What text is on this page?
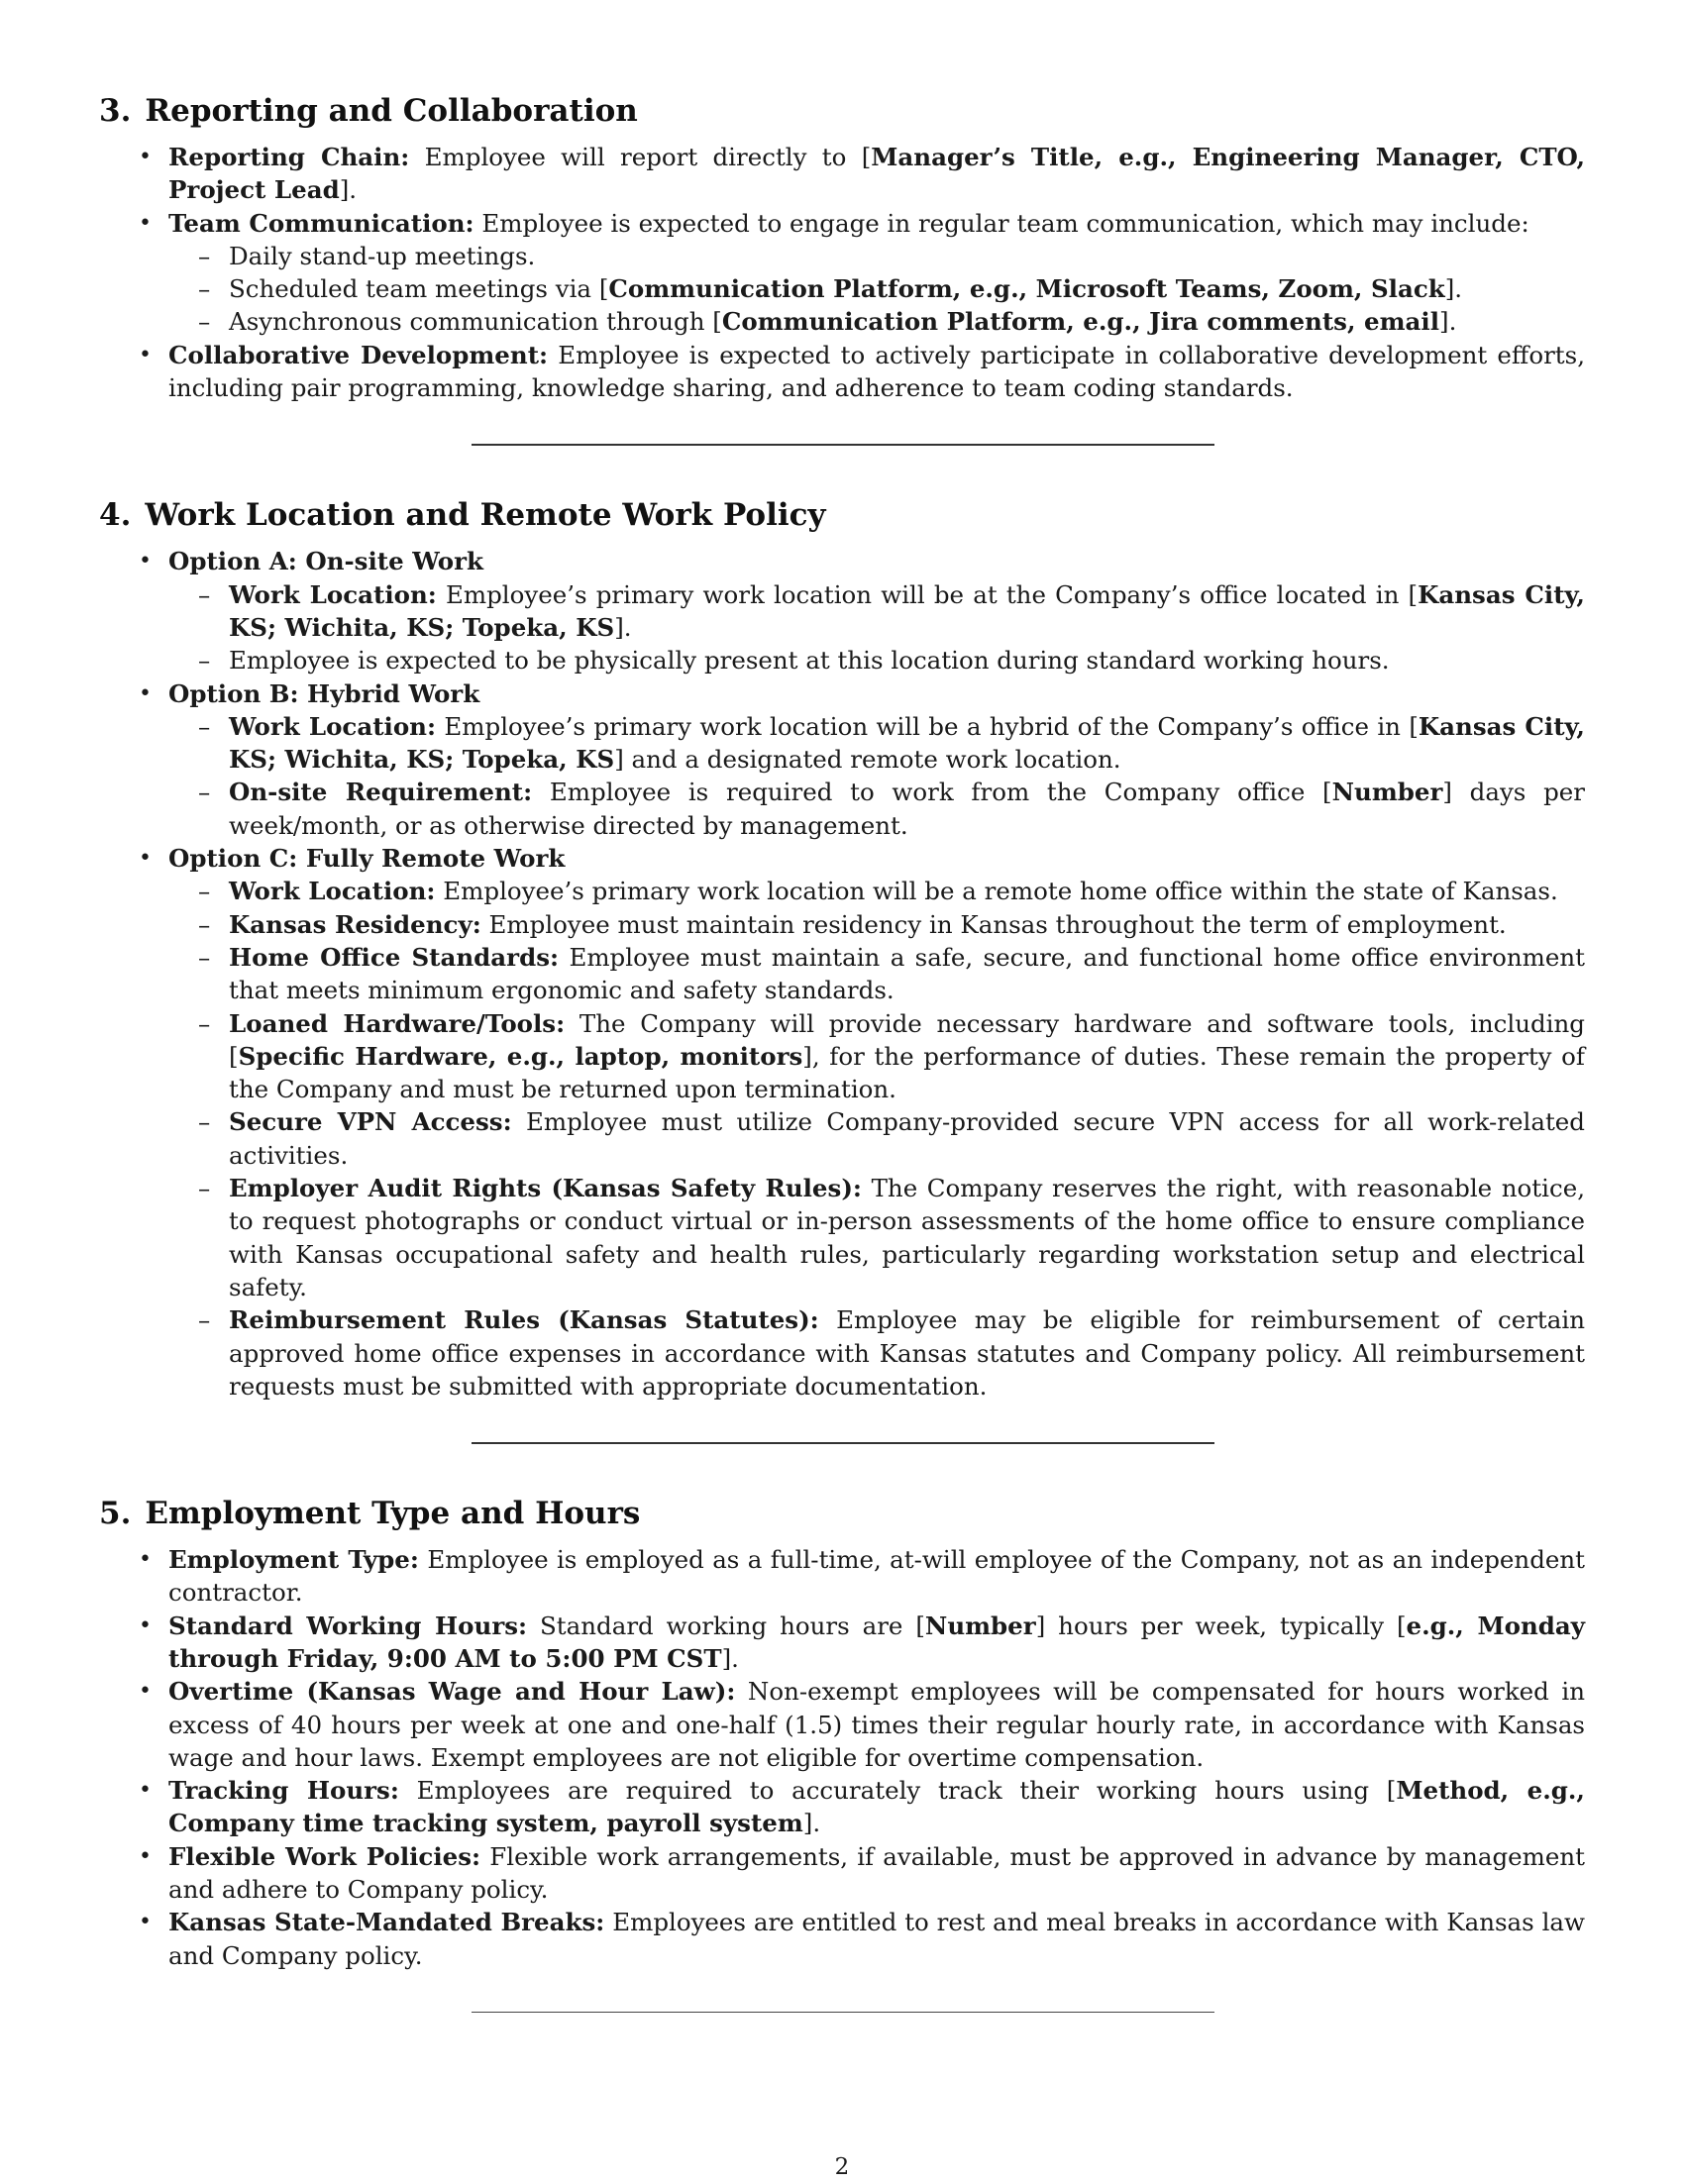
3. Reporting and Collaboration
• Reporting Chain: Employee will report directly to [Manager’s Title, e.g., Engineering Manager, CTO, Project Lead].
• Team Communication: Employee is expected to engage in regular team communication, which may include:
– Daily stand-up meetings.
– Scheduled team meetings via [Communication Platform, e.g., Microsoft Teams, Zoom, Slack].
– Asynchronous communication through [Communication Platform, e.g., Jira comments, email].
• Collaborative Development: Employee is expected to actively participate in collaborative development efforts, including pair programming, knowledge sharing, and adherence to team coding standards.
4. Work Location and Remote Work Policy
• Option A: On-site Work
– Work Location: Employee’s primary work location will be at the Company’s office located in [Kansas City, KS; Wichita, KS; Topeka, KS].
– Employee is expected to be physically present at this location during standard working hours.
• Option B: Hybrid Work
– Work Location: Employee’s primary work location will be a hybrid of the Company’s office in [Kansas City, KS; Wichita, KS; Topeka, KS] and a designated remote work location.
– On-site Requirement: Employee is required to work from the Company office [Number] days per week/month, or as otherwise directed by management.
• Option C: Fully Remote Work
– Work Location: Employee’s primary work location will be a remote home office within the state of Kansas.
– Kansas Residency: Employee must maintain residency in Kansas throughout the term of employment.
– Home Office Standards: Employee must maintain a safe, secure, and functional home office environment that meets minimum ergonomic and safety standards.
– Loaned Hardware/Tools: The Company will provide necessary hardware and software tools, including [Specific Hardware, e.g., laptop, monitors], for the performance of duties. These remain the property of the Company and must be returned upon termination.
– Secure VPN Access: Employee must utilize Company-provided secure VPN access for all work-related activities.
– Employer Audit Rights (Kansas Safety Rules): The Company reserves the right, with reasonable notice, to request photographs or conduct virtual or in-person assessments of the home office to ensure compliance with Kansas occupational safety and health rules, particularly regarding workstation setup and electrical safety.
– Reimbursement Rules (Kansas Statutes): Employee may be eligible for reimbursement of certain approved home office expenses in accordance with Kansas statutes and Company policy. All reimbursement requests must be submitted with appropriate documentation.
5. Employment Type and Hours
• Employment Type: Employee is employed as a full-time, at-will employee of the Company, not as an independent contractor.
• Standard Working Hours: Standard working hours are [Number] hours per week, typically [e.g., Monday through Friday, 9:00 AM to 5:00 PM CST].
• Overtime (Kansas Wage and Hour Law): Non-exempt employees will be compensated for hours worked in excess of 40 hours per week at one and one-half (1.5) times their regular hourly rate, in accordance with Kansas wage and hour laws. Exempt employees are not eligible for overtime compensation.
• Tracking Hours: Employees are required to accurately track their working hours using [Method, e.g., Company time tracking system, payroll system].
• Flexible Work Policies: Flexible work arrangements, if available, must be approved in advance by management and adhere to Company policy.
• Kansas State-Mandated Breaks: Employees are entitled to rest and meal breaks in accordance with Kansas law and Company policy.
2
